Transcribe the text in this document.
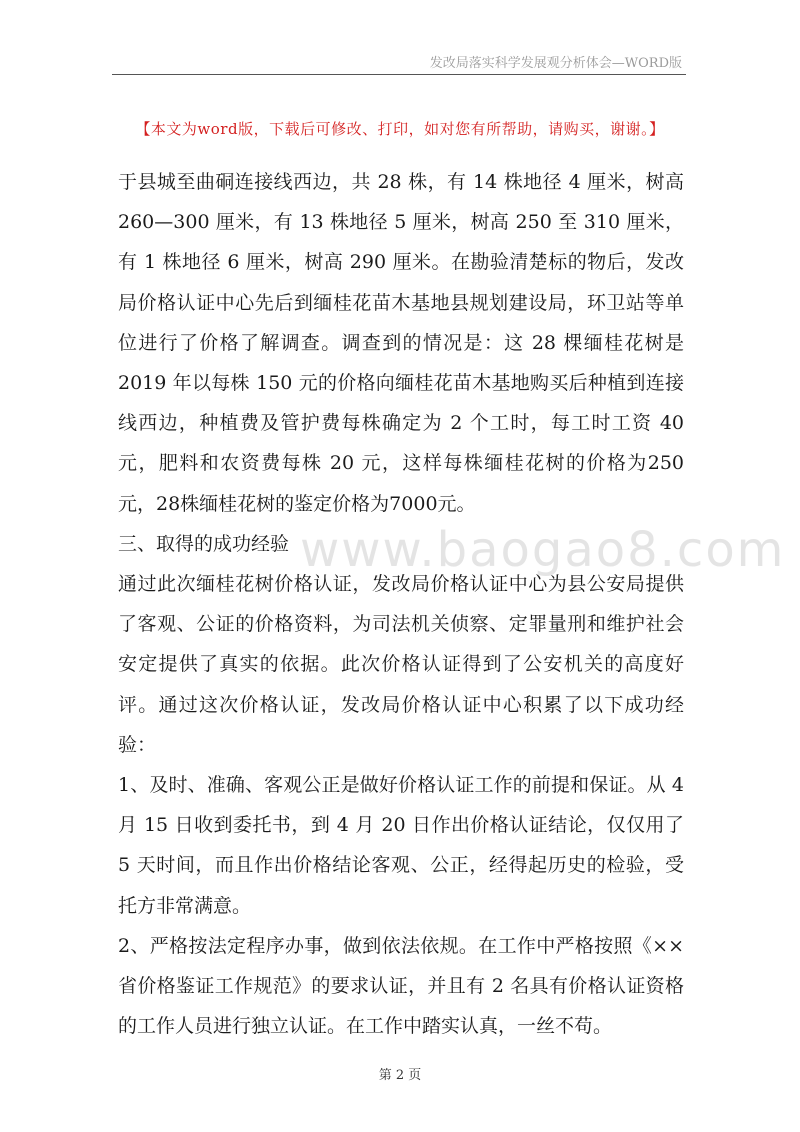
发改局落实科学发展观分析体会—WORD版
【本文为word版，下载后可修改、打印，如对您有所帮助，请购买，谢谢。】
www.baogao8.com

于县城至曲硐连接线西边，共 28 株，有 14 株地径 4 厘米，树高 260—300 厘米，有 13 株地径 5 厘米，树高 250 至 310 厘米，有 1 株地径 6 厘米，树高 290 厘米。在勘验清楚标的物后，发改局价格认证中心先后到缅桂花苗木基地县规划建设局，环卫站等单位进行了价格了解调查。调查到的情况是：这 28 棵缅桂花树是 2019 年以每株 150 元的价格向缅桂花苗木基地购买后种植到连接线西边，种植费及管护费每株确定为 2 个工时，每工时工资 40 元，肥料和农资费每株 20 元，这样每株缅桂花树的价格为250元，28株缅桂花树的鉴定价格为7000元。

三、取得的成功经验

通过此次缅桂花树价格认证，发改局价格认证中心为县公安局提供了客观、公证的价格资料，为司法机关侦察、定罪量刑和维护社会安定提供了真实的依据。此次价格认证得到了公安机关的高度好评。通过这次价格认证，发改局价格认证中心积累了以下成功经验：

1、及时、准确、客观公正是做好价格认证工作的前提和保证。从 4 月 15 日收到委托书，到 4 月 20 日作出价格认证结论，仅仅用了 5 天时间，而且作出价格结论客观、公正，经得起历史的检验，受托方非常满意。

2、严格按法定程序办事，做到依法依规。在工作中严格按照《××省价格鉴证工作规范》的要求认证，并且有 2 名具有价格认证资格的工作人员进行独立认证。在工作中踏实认真，一丝不苟。

第 2 页
